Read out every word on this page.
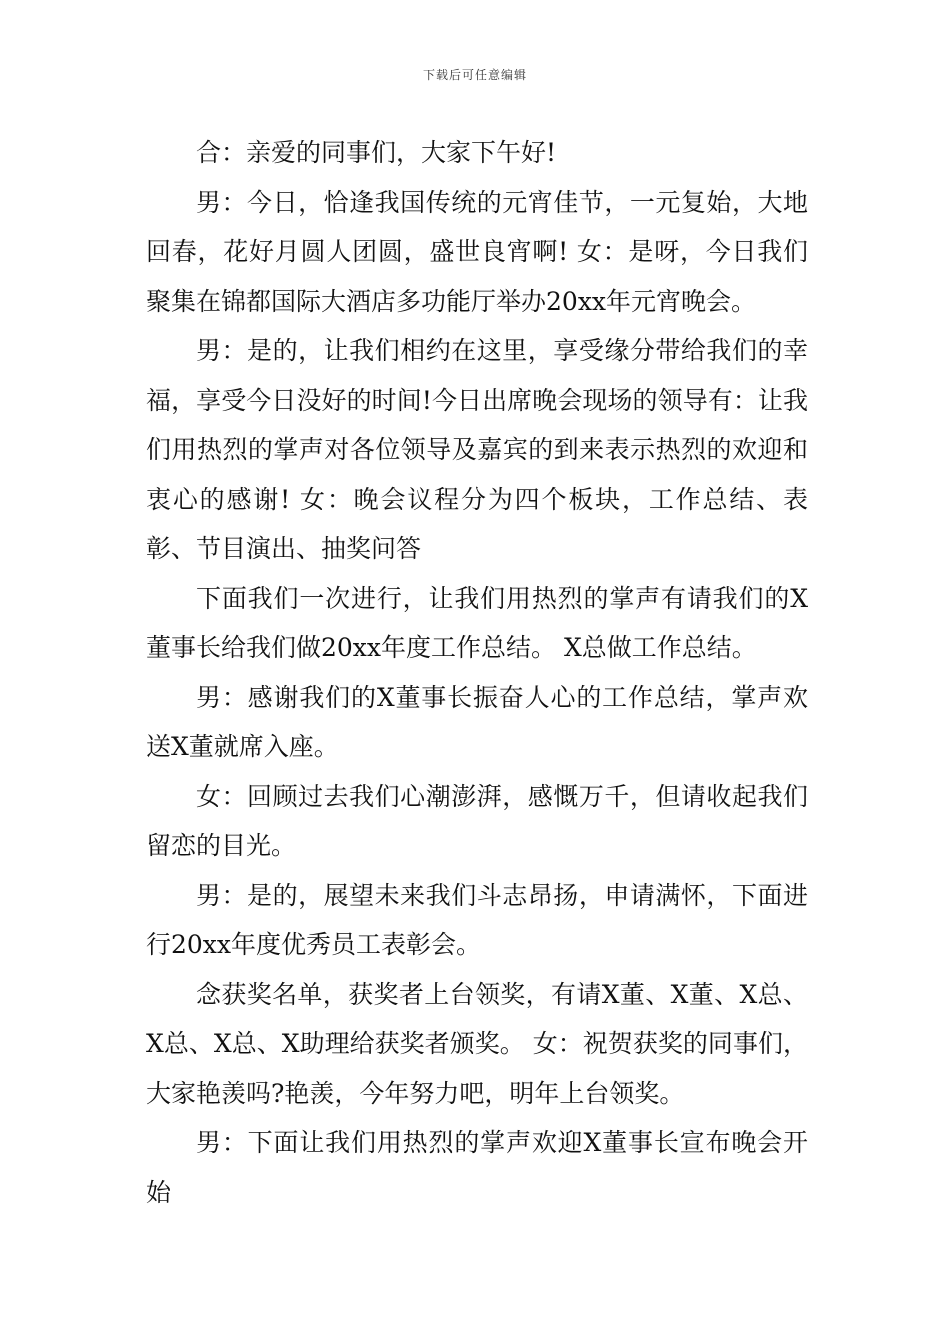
下载后可任意编辑

合：亲爱的同事们，大家下午好!

男：今日，恰逢我国传统的元宵佳节，一元复始，大地回春，花好月圆人团圆，盛世良宵啊! 女：是呀，今日我们聚集在锦都国际大酒店多功能厅举办20xx年元宵晚会。

男：是的，让我们相约在这里，享受缘分带给我们的幸福，享受今日没好的时间!今日出席晚会现场的领导有：让我们用热烈的掌声对各位领导及嘉宾的到来表示热烈的欢迎和衷心的感谢! 女：晚会议程分为四个板块，工作总结、表彰、节目演出、抽奖问答

下面我们一次进行，让我们用热烈的掌声有请我们的X董事长给我们做20xx年度工作总结。 X总做工作总结。

男：感谢我们的X董事长振奋人心的工作总结，掌声欢送X董就席入座。

女：回顾过去我们心潮澎湃，感慨万千，但请收起我们留恋的目光。

男：是的，展望未来我们斗志昂扬，申请满怀，下面进行20xx年度优秀员工表彰会。

念获奖名单，获奖者上台领奖，有请X董、X董、X总、X总、X总、X助理给获奖者颁奖。 女：祝贺获奖的同事们，大家艳羡吗?艳羡，今年努力吧，明年上台领奖。

男：下面让我们用热烈的掌声欢迎X董事长宣布晚会开始
